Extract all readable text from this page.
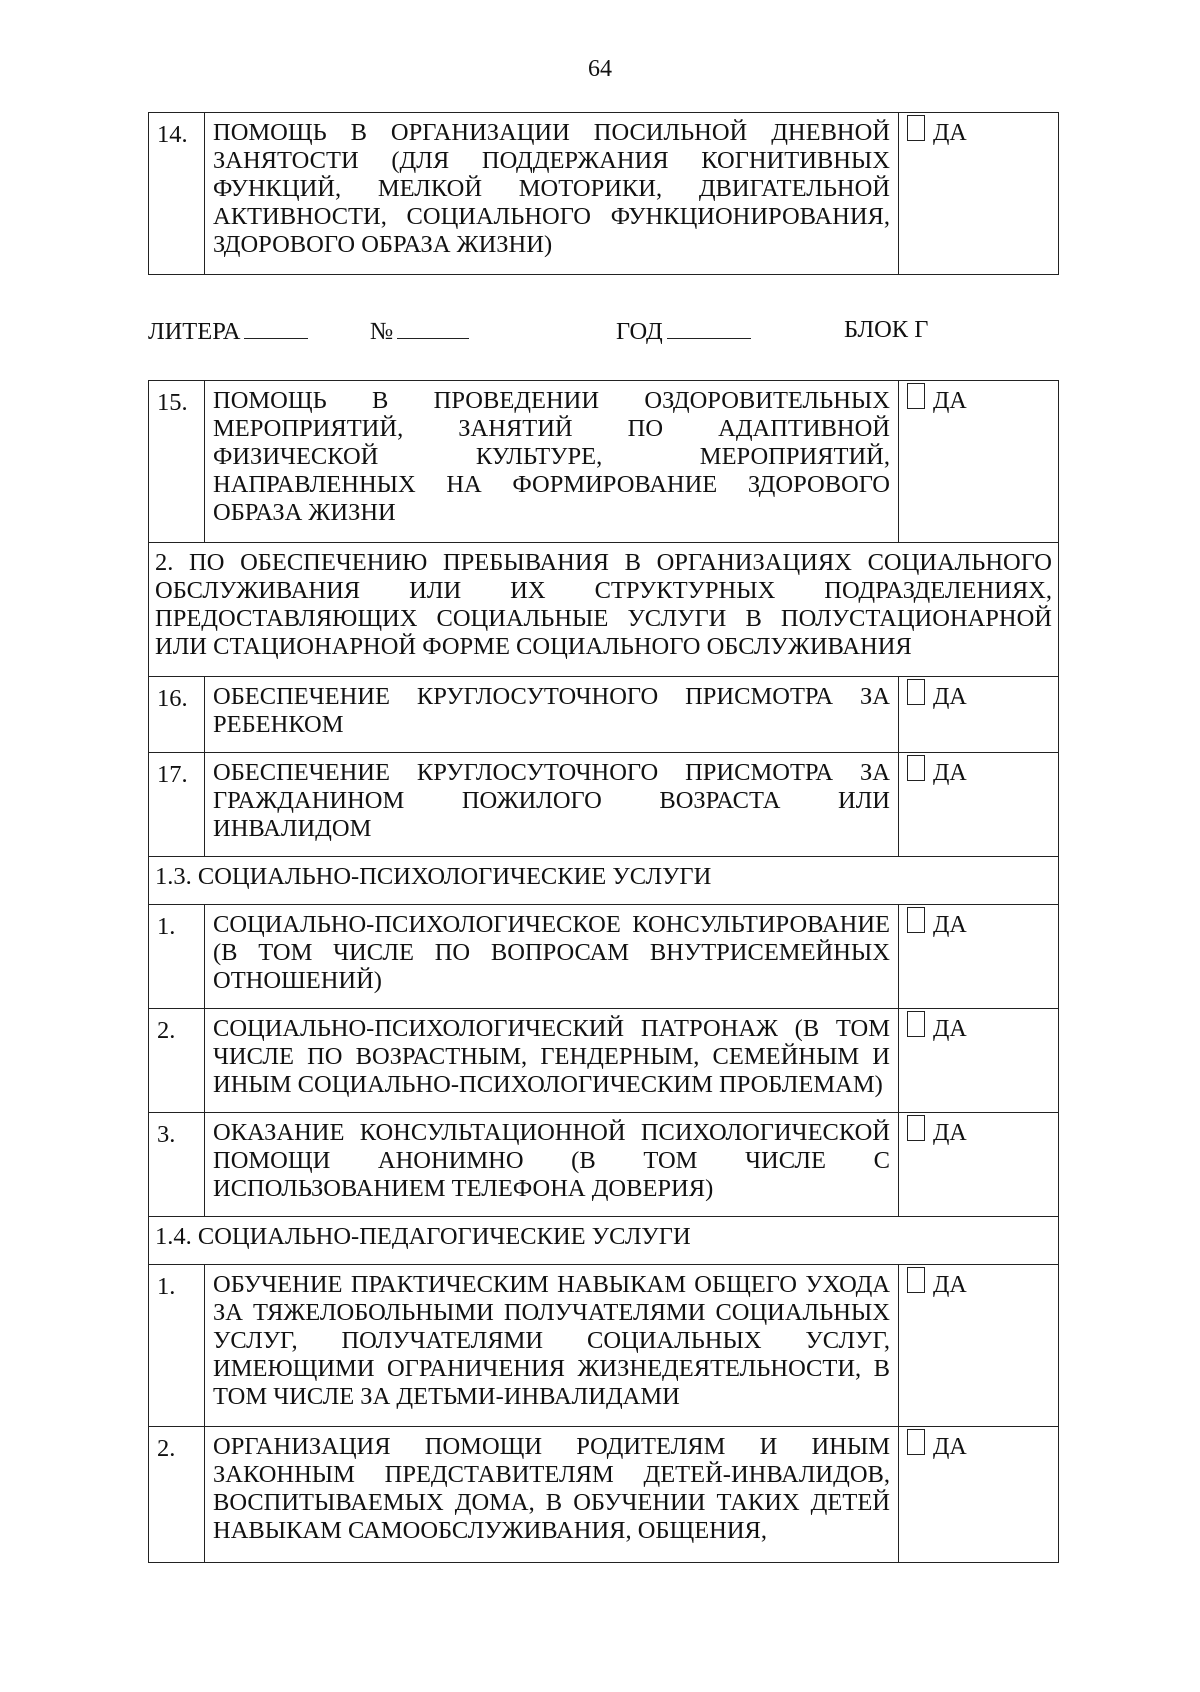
64
14.	ПОМОЩЬ В ОРГАНИЗАЦИИ ПОСИЛЬНОЙ ДНЕВНОЙ ЗАНЯТОСТИ (ДЛЯ ПОДДЕРЖАНИЯ КОГНИТИВНЫХ ФУНКЦИЙ, МЕЛКОЙ МОТОРИКИ, ДВИГАТЕЛЬНОЙ АКТИВНОСТИ, СОЦИАЛЬНОГО ФУНКЦИОНИРОВАНИЯ, ЗДОРОВОГО ОБРАЗА ЖИЗНИ)	ДА
ЛИТЕРА	№	ГОД	БЛОК Г
15.	ПОМОЩЬ В ПРОВЕДЕНИИ ОЗДОРОВИТЕЛЬНЫХ МЕРОПРИЯТИЙ, ЗАНЯТИЙ ПО АДАПТИВНОЙ ФИЗИЧЕСКОЙ КУЛЬТУРЕ, МЕРОПРИЯТИЙ, НАПРАВЛЕННЫХ НА ФОРМИРОВАНИЕ ЗДОРОВОГО ОБРАЗА ЖИЗНИ	ДА
2. ПО ОБЕСПЕЧЕНИЮ ПРЕБЫВАНИЯ В ОРГАНИЗАЦИЯХ СОЦИАЛЬНОГО ОБСЛУЖИВАНИЯ ИЛИ ИХ СТРУКТУРНЫХ ПОДРАЗДЕЛЕНИЯХ, ПРЕДОСТАВЛЯЮЩИХ СОЦИАЛЬНЫЕ УСЛУГИ В ПОЛУСТАЦИОНАРНОЙ ИЛИ СТАЦИОНАРНОЙ ФОРМЕ СОЦИАЛЬНОГО ОБСЛУЖИВАНИЯ		
16.	ОБЕСПЕЧЕНИЕ КРУГЛОСУТОЧНОГО ПРИСМОТРА ЗА РЕБЕНКОМ	ДА
17.	ОБЕСПЕЧЕНИЕ КРУГЛОСУТОЧНОГО ПРИСМОТРА ЗА ГРАЖДАНИНОМ ПОЖИЛОГО ВОЗРАСТА ИЛИ ИНВАЛИДОМ	ДА
1.3. СОЦИАЛЬНО-ПСИХОЛОГИЧЕСКИЕ УСЛУГИ		
1.	СОЦИАЛЬНО-ПСИХОЛОГИЧЕСКОЕ КОНСУЛЬТИРОВАНИЕ (В ТОМ ЧИСЛЕ ПО ВОПРОСАМ ВНУТРИСЕМЕЙНЫХ ОТНОШЕНИЙ)	ДА
2.	СОЦИАЛЬНО-ПСИХОЛОГИЧЕСКИЙ ПАТРОНАЖ (В ТОМ ЧИСЛЕ ПО ВОЗРАСТНЫМ, ГЕНДЕРНЫМ, СЕМЕЙНЫМ И ИНЫМ СОЦИАЛЬНО-ПСИХОЛОГИЧЕСКИМ ПРОБЛЕМАМ)	ДА
3.	ОКАЗАНИЕ КОНСУЛЬТАЦИОННОЙ ПСИХОЛОГИЧЕСКОЙ ПОМОЩИ АНОНИМНО (В ТОМ ЧИСЛЕ С ИСПОЛЬЗОВАНИЕМ ТЕЛЕФОНА ДОВЕРИЯ)	ДА
1.4. СОЦИАЛЬНО-ПЕДАГОГИЧЕСКИЕ УСЛУГИ		
1.	ОБУЧЕНИЕ ПРАКТИЧЕСКИМ НАВЫКАМ ОБЩЕГО УХОДА ЗА ТЯЖЕЛОБОЛЬНЫМИ ПОЛУЧАТЕЛЯМИ СОЦИАЛЬНЫХ УСЛУГ, ПОЛУЧАТЕЛЯМИ СОЦИАЛЬНЫХ УСЛУГ, ИМЕЮЩИМИ ОГРАНИЧЕНИЯ ЖИЗНЕДЕЯТЕЛЬНОСТИ, В ТОМ ЧИСЛЕ ЗА ДЕТЬМИ-ИНВАЛИДАМИ	ДА
2.	ОРГАНИЗАЦИЯ ПОМОЩИ РОДИТЕЛЯМ И ИНЫМ ЗАКОННЫМ ПРЕДСТАВИТЕЛЯМ ДЕТЕЙ-ИНВАЛИДОВ, ВОСПИТЫВАЕМЫХ ДОМА, В ОБУЧЕНИИ ТАКИХ ДЕТЕЙ НАВЫКАМ САМООБСЛУЖИВАНИЯ, ОБЩЕНИЯ,	ДА
